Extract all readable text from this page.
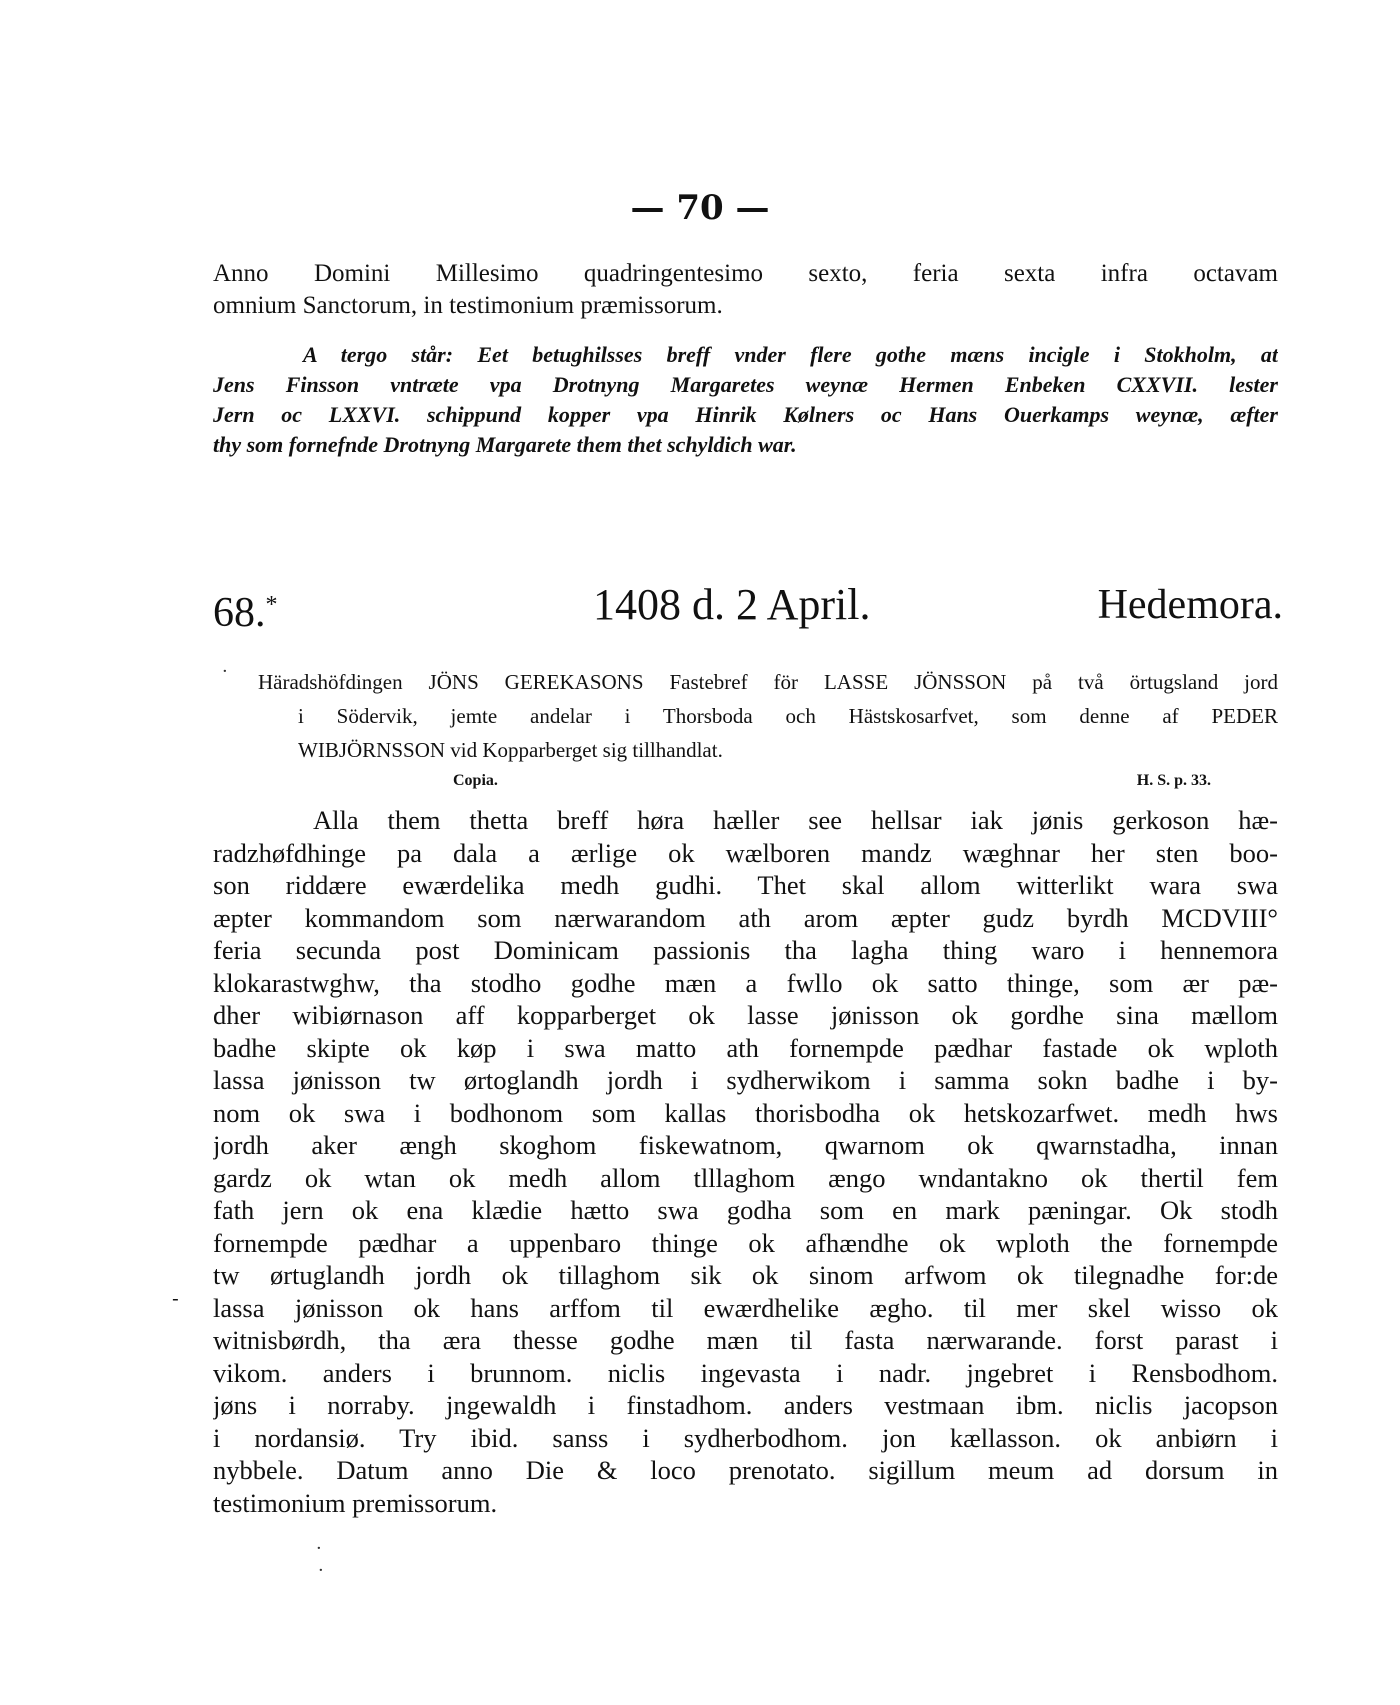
— 70 —
Anno Domini Millesimo quadringentesimo sexto, feria sexta infra octavam
omnium Sanctorum, in testimonium præmissorum.
A tergo står: Eet betughilsses breff vnder flere gothe mæns incigle i Stokholm, at
Jens Finsson vntræte vpa Drotnyng Margaretes weynæ Hermen Enbeken CXXVII. lester
Jern oc LXXVI. schippund kopper vpa Hinrik Kølners oc Hans Ouerkamps weynæ, æfter
thy som fornefnde Drotnyng Margarete them thet schyldich war.
68.*	1408 d. 2 April.	Hedemora.
Häradshöfdingen JÖNS GEREKASONS Fastebref för LASSE JÖNSSON på två örtugsland jord
i Södervik, jemte andelar i Thorsboda och Hästskosarfvet, som denne af PEDER
WIBJÖRNSSON vid Kopparberget sig tillhandlat.
Copia.	H. S. p. 33.
Alla them thetta breff høra hæller see hellsar iak jønis gerkoson hæ-
radzhøfdhinge pa dala a ærlige ok wælboren mandz wæghnar her sten boo-
son riddære ewærdelika medh gudhi. Thet skal allom witterlikt wara swa
æpter kommandom som nærwarandom ath arom æpter gudz byrdh MCDVIII°
feria secunda post Dominicam passionis tha lagha thing waro i hennemora
klokarastwghw, tha stodho godhe mæn a fwllo ok satto thinge, som ær pæ-
dher wibiørnason aff kopparberget ok lasse jønisson ok gordhe sina mællom
badhe skipte ok køp i swa matto ath fornempde pædhar fastade ok wploth
lassa jønisson tw ørtoglandh jordh i sydherwikom i samma sokn badhe i by-
nom ok swa i bodhonom som kallas thorisbodha ok hetskozarfwet. medh hws
jordh aker ængh skoghom fiskewatnom, qwarnom ok qwarnstadha, innan
gardz ok wtan ok medh allom tlllaghom ængo wndantakno ok thertil fem
fath jern ok ena klædie hætto swa godha som en mark pæningar. Ok stodh
fornempde pædhar a uppenbaro thinge ok afhændhe ok wploth the fornempde
tw ørtuglandh jordh ok tillaghom sik ok sinom arfwom ok tilegnadhe for:de
lassa jønisson ok hans arffom til ewærdhelike ægho. til mer skel wisso ok
witnisbørdh, tha æra thesse godhe mæn til fasta nærwarande. forst parast i
vikom. anders i brunnom. niclis ingevasta i nadr. jngebret i Rensbodhom.
jøns i norraby. jngewaldh i finstadhom. anders vestmaan ibm. niclis jacopson
i nordansiø. Try ibid. sanss i sydherbodhom. jon kællasson. ok anbiørn i
nybbele. Datum anno Die & loco prenotato. sigillum meum ad dorsum in
testimonium premissorum.
-
·
·
·
